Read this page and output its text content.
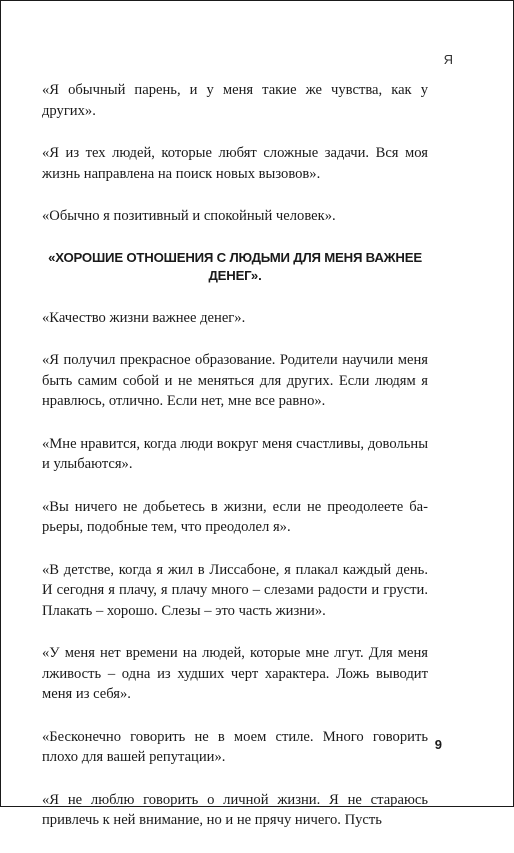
Я

«Я обычный парень, и у меня такие же чувства, как у других».

«Я из тех людей, которые любят сложные задачи. Вся моя жизнь направлена на поиск новых вызовов».

«Обычно я позитивный и спокойный человек».

«ХОРОШИЕ ОТНОШЕНИЯ С ЛЮДЬМИ ДЛЯ МЕНЯ ВАЖНЕЕ ДЕНЕГ».

«Качество жизни важнее денег».

«Я получил прекрасное образование. Родители научили меня быть самим собой и не меняться для других. Если людям я нравлюсь, отлично. Если нет, мне все равно».

«Мне нравится, когда люди вокруг меня счастливы, довольны и улыбаются».

«Вы ничего не добьетесь в жизни, если не преодолеете барьеры, подобные тем, что преодолел я».

«В детстве, когда я жил в Лиссабоне, я плакал каждый день. И сегодня я плачу, я плачу много – слезами радости и грусти. Плакать – хорошо. Слезы – это часть жизни».

«У меня нет времени на людей, которые мне лгут. Для меня лживость – одна из худших черт характера. Ложь выводит меня из себя».

«Бесконечно говорить не в моем стиле. Много говорить плохо для вашей репутации».

«Я не люблю говорить о личной жизни. Я не стараюсь привлечь к ней внимание, но и не прячу ничего. Пусть

9
